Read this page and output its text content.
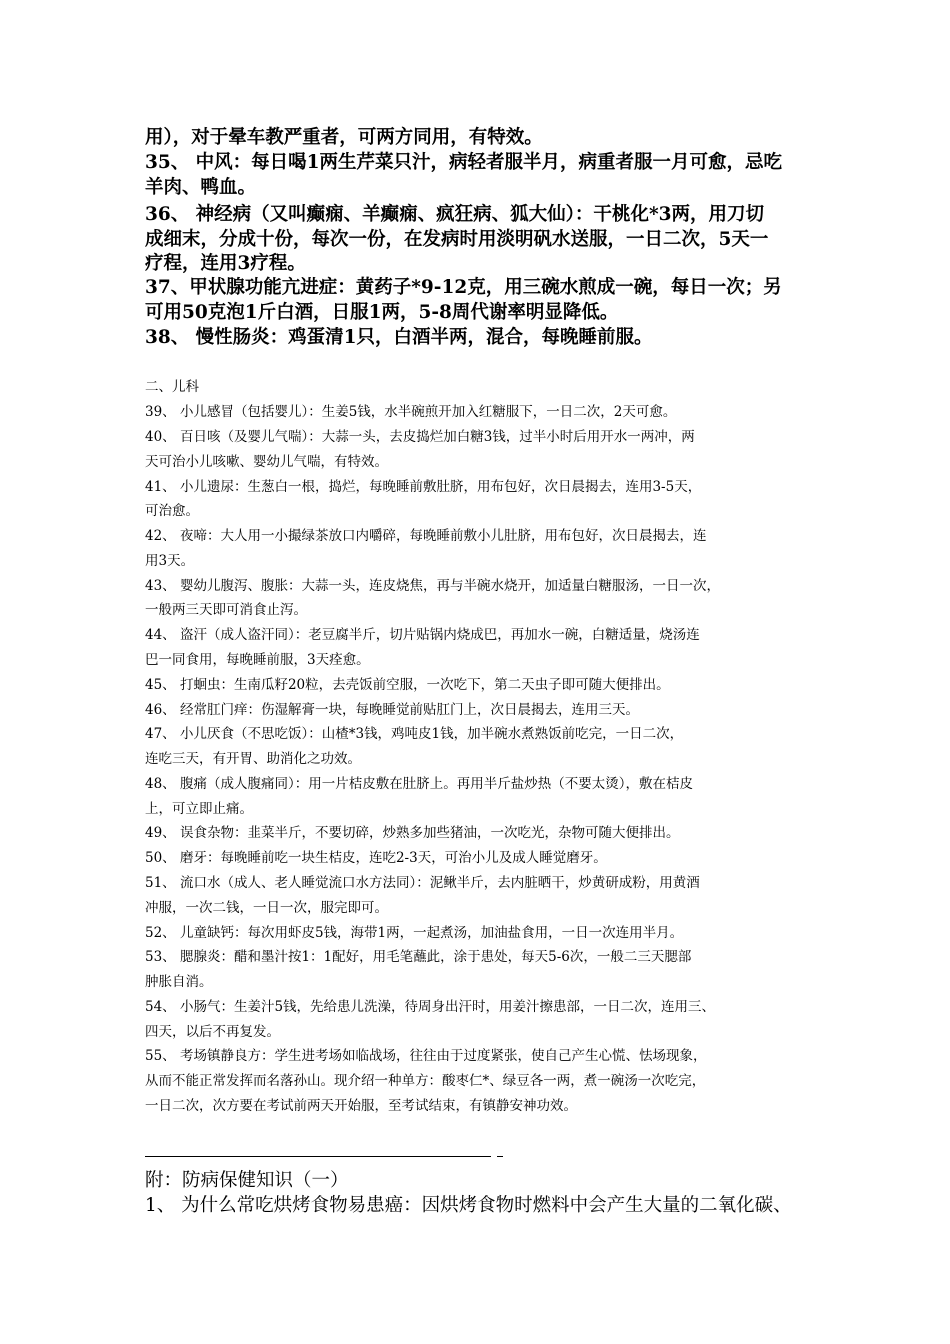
用），对于晕车教严重者，可两方同用，有特效。
35、 中风：每日喝1两生芹菜只汁，病轻者服半月，病重者服一月可愈，忌吃
羊肉、鸭血。
36、 神经病（又叫癫痫、羊癫痫、疯狂病、狐大仙）：干桃化*3两，用刀切
成细末，分成十份，每次一份，在发病时用淡明矾水送服，一日二次，5天一
疗程，连用3疗程。
37、甲状腺功能亢进症：黄药子*9-12克，用三碗水煎成一碗，每日一次；另
可用50克泡1斤白酒，日服1两，5-8周代谢率明显降低。
38、 慢性肠炎：鸡蛋清1只，白酒半两，混合，每晚睡前服。
二、儿科
39、 小儿感冒（包括婴儿）：生姜5钱，水半碗煎开加入红糖服下，一日二次，2天可愈。
40、 百日咳（及婴儿气喘）：大蒜一头，去皮捣烂加白糖3钱，过半小时后用开水一两冲，两
天可治小儿咳嗽、婴幼儿气喘，有特效。
41、 小儿遗尿：生葱白一根，捣烂，每晚睡前敷肚脐，用布包好，次日晨揭去，连用3-5天，
可治愈。
42、 夜啼：大人用一小撮绿茶放口内嚼碎，每晚睡前敷小儿肚脐，用布包好，次日晨揭去，连
用3天。
43、 婴幼儿腹泻、腹胀：大蒜一头，连皮烧焦，再与半碗水烧开，加适量白糖服汤，一日一次，
一般两三天即可消食止泻。
44、 盗汗（成人盗汗同）：老豆腐半斤，切片贴锅内烧成巴，再加水一碗，白糖适量，烧汤连
巴一同食用，每晚睡前服，3天痊愈。
45、 打蛔虫：生南瓜籽20粒，去壳饭前空服，一次吃下，第二天虫子即可随大便排出。
46、 经常肛门痒：伤湿解膏一块，每晚睡觉前贴肛门上，次日晨揭去，连用三天。
47、 小儿厌食（不思吃饭）：山楂*3钱，鸡吨皮1钱，加半碗水煮熟饭前吃完，一日二次，
连吃三天，有开胃、助消化之功效。
48、 腹痛（成人腹痛同）：用一片桔皮敷在肚脐上。再用半斤盐炒热（不要太烫），敷在桔皮
上，可立即止痛。
49、 误食杂物：韭菜半斤，不要切碎，炒熟多加些猪油，一次吃光，杂物可随大便排出。
50、 磨牙：每晚睡前吃一块生桔皮，连吃2-3天，可治小儿及成人睡觉磨牙。
51、 流口水（成人、老人睡觉流口水方法同）：泥鳅半斤，去内脏晒干，炒黄研成粉，用黄酒
冲服，一次二钱，一日一次，服完即可。
52、 儿童缺钙：每次用虾皮5钱，海带1两，一起煮汤，加油盐食用，一日一次连用半月。
53、 腮腺炎：醋和墨汁按1：1配好，用毛笔蘸此，涂于患处，每天5-6次，一般二三天腮部
肿胀自消。
54、 小肠气：生姜汁5钱，先给患儿洗澡，待周身出汗时，用姜汁擦患部，一日二次，连用三、
四天，以后不再复发。
55、 考场镇静良方：学生进考场如临战场，往往由于过度紧张，使自己产生心慌、怯场现象，
从而不能正常发挥而名落孙山。现介绍一种单方：酸枣仁*、绿豆各一两，煮一碗汤一次吃完，
一日二次，次方要在考试前两天开始服，至考试结束，有镇静安神功效。
附：防病保健知识（一）
1、 为什么常吃烘烤食物易患癌：因烘烤食物时燃料中会产生大量的二氧化碳、
